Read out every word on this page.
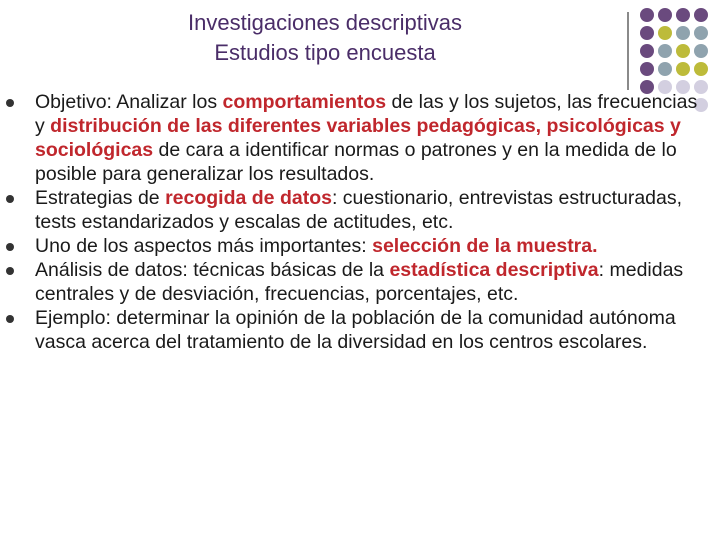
Investigaciones descriptivas
Estudios tipo encuesta
Objetivo: Analizar los comportamientos de las y los sujetos, las frecuencias y distribución de las diferentes variables pedagógicas, psicológicas y sociológicas de cara a identificar normas o patrones y en la medida de lo posible para generalizar los resultados.
Estrategias de recogida de datos: cuestionario, entrevistas estructuradas, tests estandarizados y escalas de actitudes, etc.
Uno de los aspectos más importantes: selección de la muestra.
Análisis de datos: técnicas básicas de la estadística descriptiva: medidas centrales y de desviación, frecuencias, porcentajes, etc.
Ejemplo: determinar la opinión de la población de la comunidad autónoma vasca acerca del tratamiento de la diversidad en los centros escolares.
